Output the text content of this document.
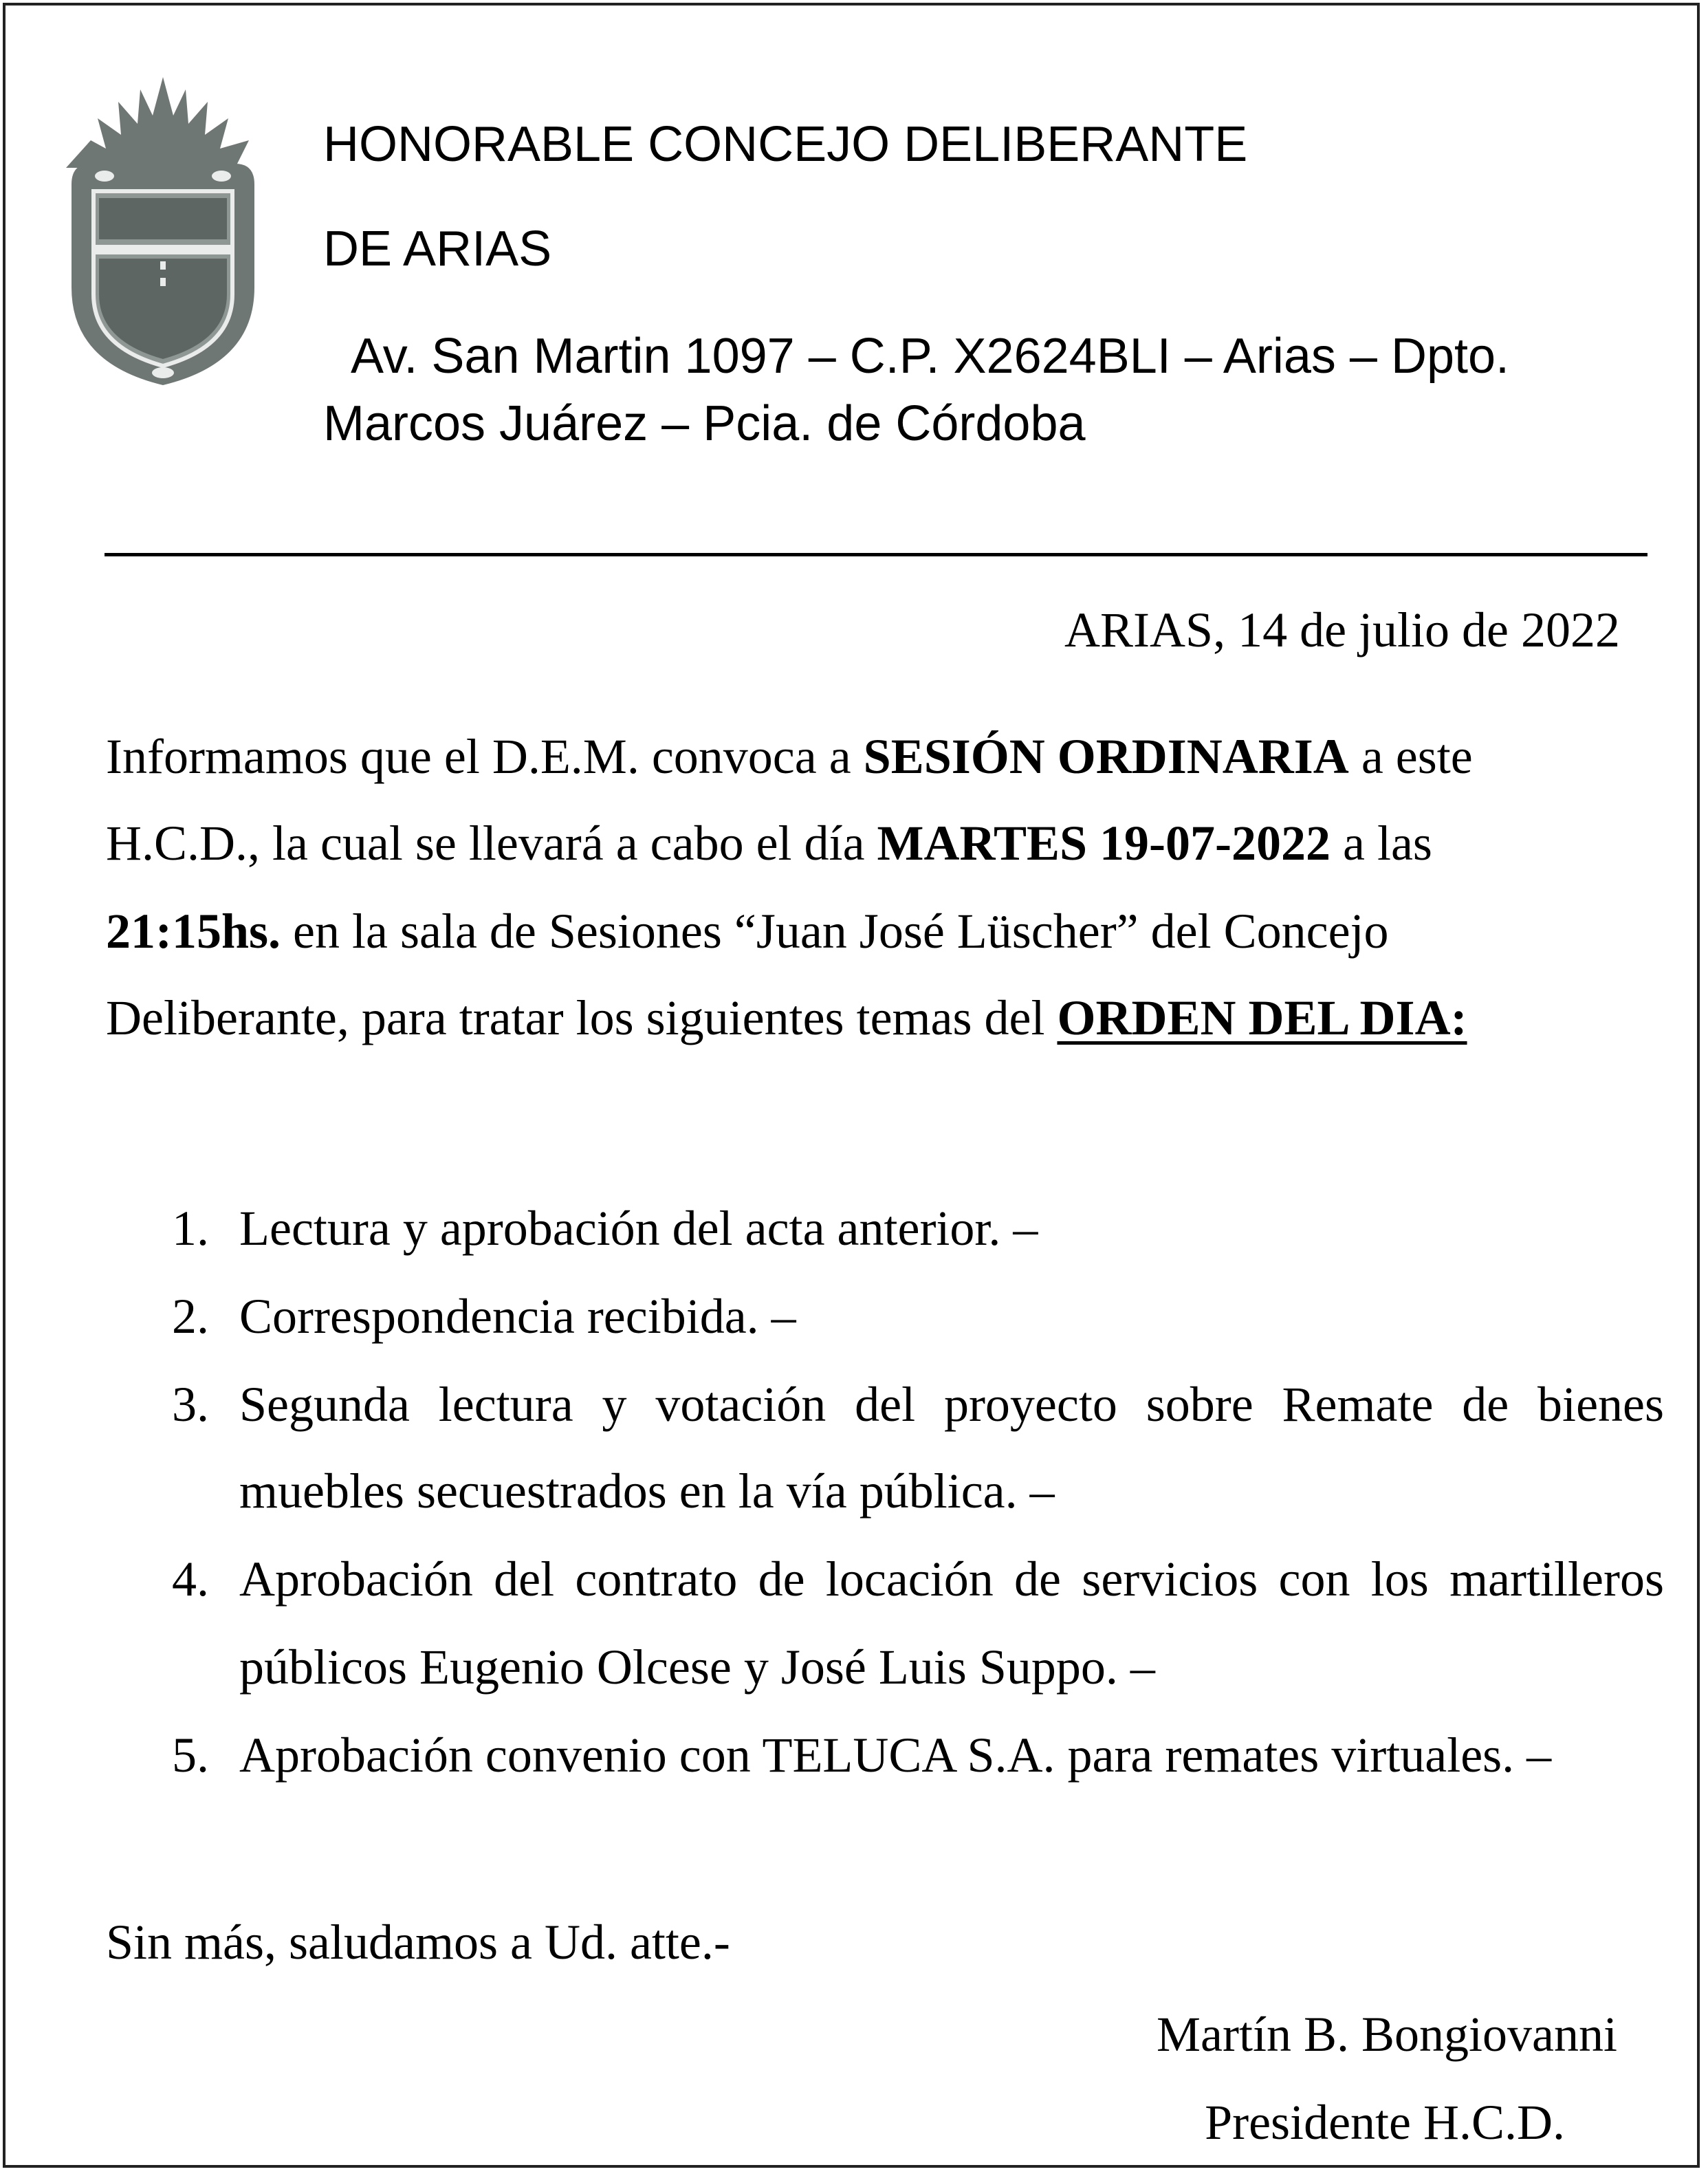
HONORABLE CONCEJO DELIBERANTE
DE ARIAS
Av. San Martin 1097 – C.P. X2624BLI – Arias – Dpto.
Marcos Juárez – Pcia. de Córdoba
ARIAS, 14 de julio de 2022
Informamos que el D.E.M. convoca a SESIÓN ORDINARIA a este
H.C.D., la cual se llevará a cabo el día MARTES 19-07-2022 a las
21:15hs. en la sala de Sesiones “Juan José Lüscher” del Concejo
Deliberante, para tratar los siguientes temas del ORDEN DEL DIA:
1. Lectura y aprobación del acta anterior. –
2. Correspondencia recibida. –
3. Segunda lectura y votación del proyecto sobre Remate de bienes
muebles secuestrados en la vía pública. –
4. Aprobación del contrato de locación de servicios con los martilleros
públicos Eugenio Olcese y José Luis Suppo. –
5. Aprobación convenio con TELUCA S.A. para remates virtuales. –
Sin más, saludamos a Ud. atte.-
Martín B. Bongiovanni
Presidente H.C.D.
